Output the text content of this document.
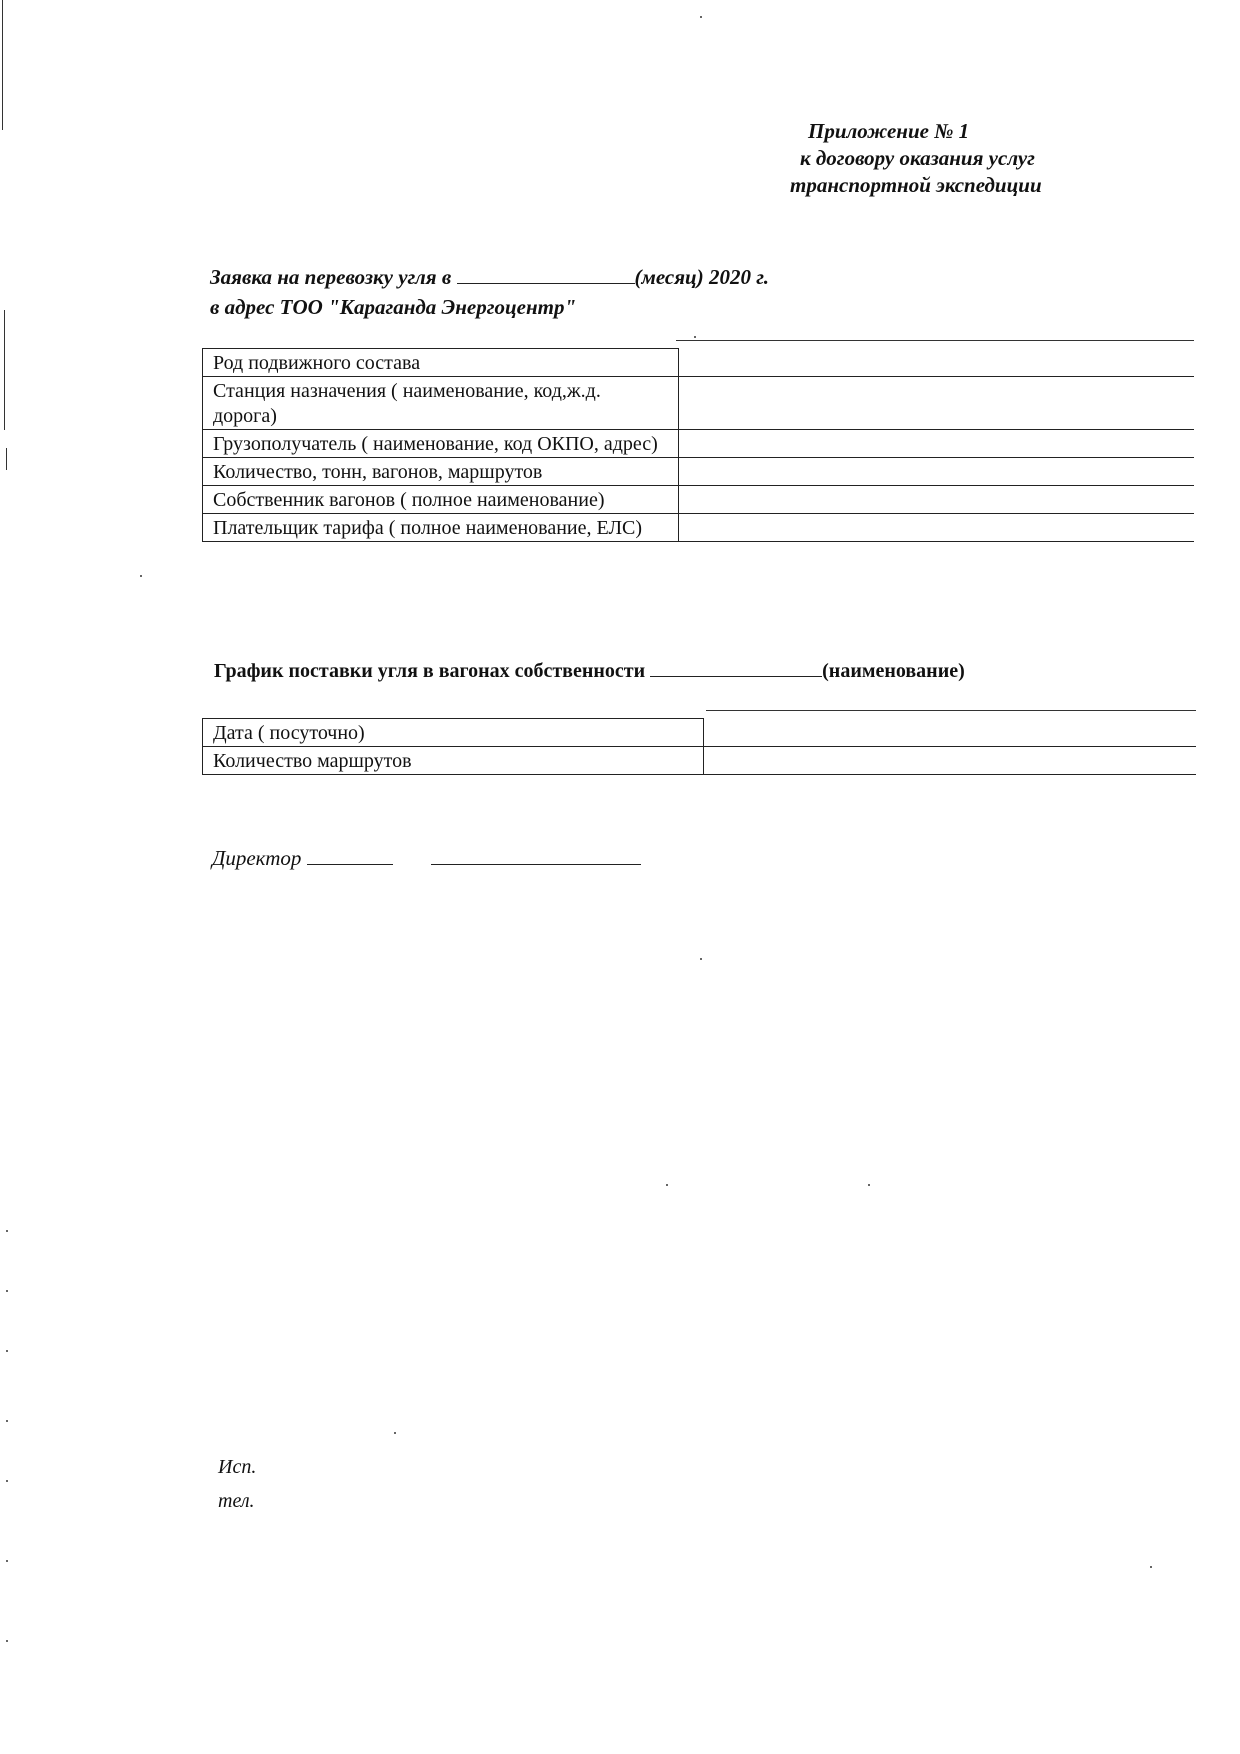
Приложение № 1
к договору оказания услуг
транспортной экспедиции
Заявка на перевозку угля в	(месяц) 2020 г.
в адрес ТОО "Караганда Энергоцентр"
Род подвижного состава	
Станция назначения ( наименование, код,ж.д. дорога)	
Грузополучатель ( наименование, код ОКПО, адрес)	
Количество, тонн, вагонов, маршрутов	
Собственник вагонов ( полное наименование)	
Плательщик тарифа ( полное наименование, ЕЛС)	
График поставки угля в вагонах собственности	(наименование)
Дата ( посуточно)	
Количество маршрутов	
Директор
Исп.
тел.
